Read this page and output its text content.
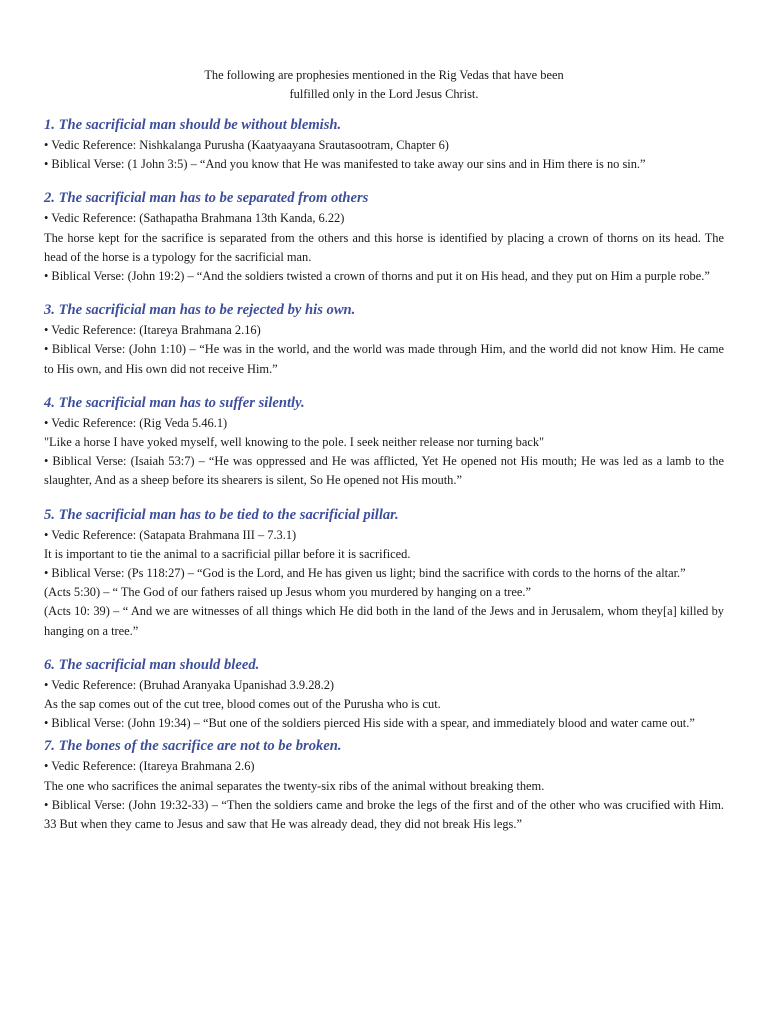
The following are prophesies mentioned in the Rig Vedas that have been

fulfilled only in the Lord Jesus Christ.

1. The sacrificial man should be without blemish.

• Vedic Reference: Nishkalanga Purusha (Kaatyaayana Srautasootram, Chapter 6)

• Biblical Verse: (1 John 3:5) – “And you know that He was manifested to take away our sins and in Him there is no sin.”

2. The sacrificial man has to be separated from others

• Vedic Reference: (Sathapatha Brahmana 13th Kanda, 6.22)

The horse kept for the sacrifice is separated from the others and this horse is identified by placing a crown of thorns on its head. The head of the horse is a typology for the sacrificial man.

• Biblical Verse: (John 19:2) – “And the soldiers twisted a crown of thorns and put it on His head, and they put on Him a purple robe.”

3. The sacrificial man has to be rejected by his own.

• Vedic Reference: (Itareya Brahmana 2.16)

• Biblical Verse: (John 1:10) – “He was in the world, and the world was made through Him, and the world did not know Him. He came to His own, and His own did not receive Him.”

4. The sacrificial man has to suffer silently.

• Vedic Reference: (Rig Veda 5.46.1)

"Like a horse I have yoked myself, well knowing to the pole. I seek neither release nor turning back"

• Biblical Verse: (Isaiah 53:7) – “He was oppressed and He was afflicted, Yet He opened not His mouth; He was led as a lamb to the slaughter, And as a sheep before its shearers is silent, So He opened not His mouth.”

5. The sacrificial man has to be tied to the sacrificial pillar.

• Vedic Reference: (Satapata Brahmana III – 7.3.1)

It is important to tie the animal to a sacrificial pillar before it is sacrificed.

• Biblical Verse: (Ps 118:27) – “God is the Lord, and He has given us light; bind the sacrifice with cords to the horns of the altar.”

(Acts 5:30) – “ The God of our fathers raised up Jesus whom you murdered by hanging on a tree.”

(Acts 10: 39) – “ And we are witnesses of all things which He did both in the land of the Jews and in Jerusalem, whom they[a] killed by hanging on a tree.”

6. The sacrificial man should bleed.

• Vedic Reference: (Bruhad Aranyaka Upanishad 3.9.28.2)

As the sap comes out of the cut tree, blood comes out of the Purusha who is cut.

• Biblical Verse: (John 19:34) – “But one of the soldiers pierced His side with a spear, and immediately blood and water came out.”

7. The bones of the sacrifice are not to be broken.

• Vedic Reference: (Itareya Brahmana 2.6)

The one who sacrifices the animal separates the twenty-six ribs of the animal without breaking them.

• Biblical Verse: (John 19:32-33) – “Then the soldiers came and broke the legs of the first and of the other who was crucified with Him. 33 But when they came to Jesus and saw that He was already dead, they did not break His legs.”
